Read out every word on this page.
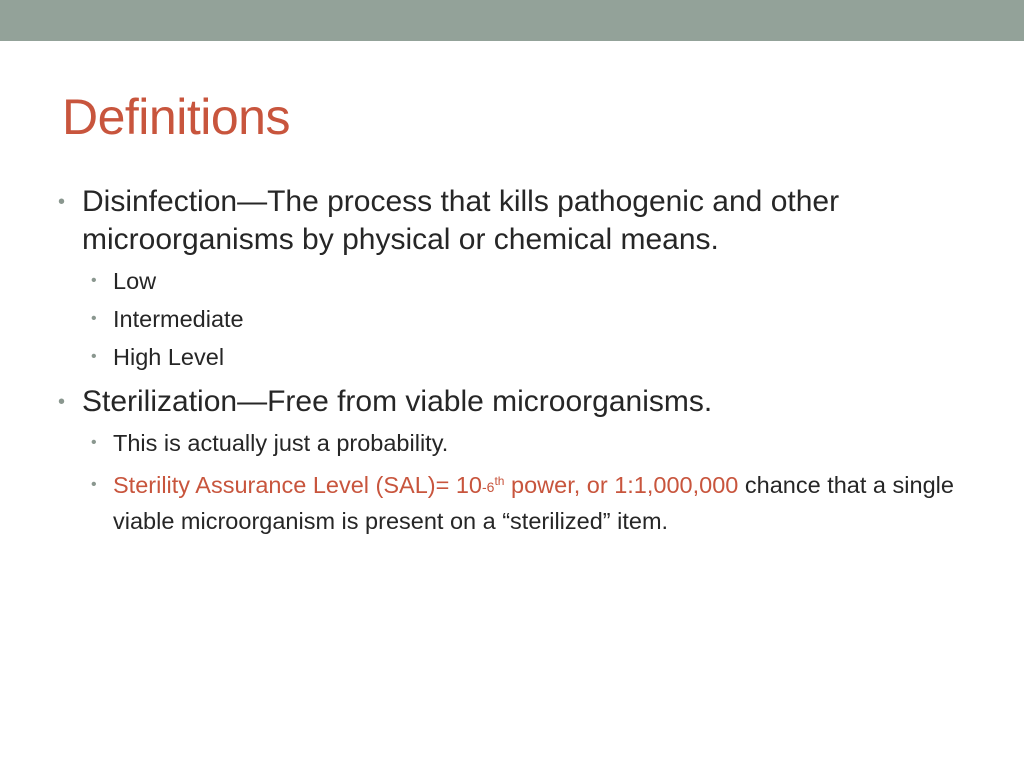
Definitions
• Disinfection—The process that kills pathogenic and other microorganisms by physical or chemical means.
• Low
• Intermediate
• High Level
• Sterilization—Free from viable microorganisms.
• This is actually just a probability.
• Sterility Assurance Level (SAL)= 10-6th power, or 1:1,000,000 chance that a single viable microorganism is present on a “sterilized” item.
